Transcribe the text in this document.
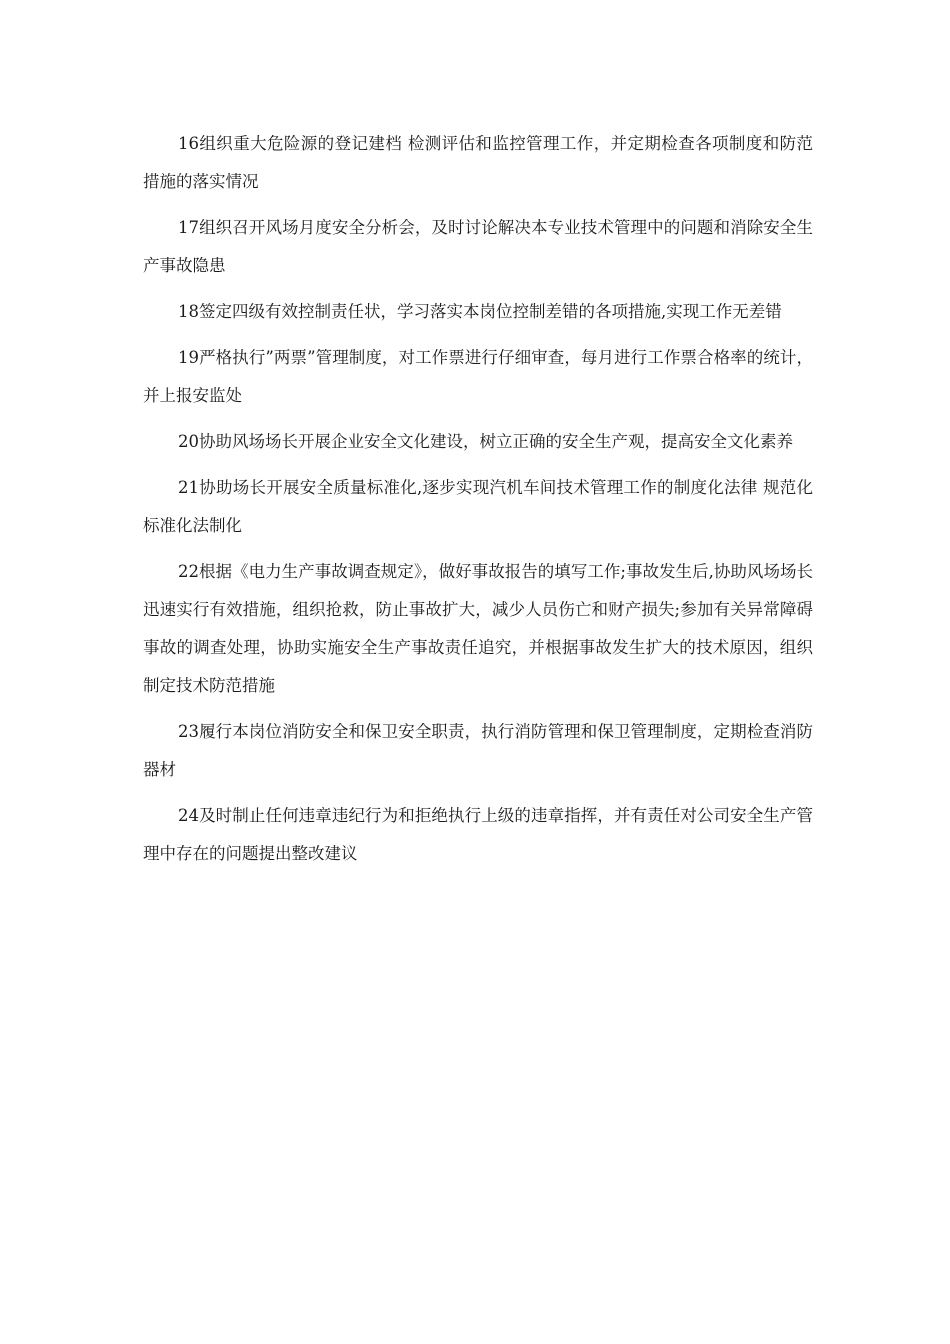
16组织重大危险源的登记建档 检测评估和监控管理工作，并定期检查各项制度和防范措施的落实情况

17组织召开风场月度安全分析会，及时讨论解决本专业技术管理中的问题和消除安全生产事故隐患

18签定四级有效控制责任状，学习落实本岗位控制差错的各项措施,实现工作无差错

19严格执行”两票”管理制度，对工作票进行仔细审查，每月进行工作票合格率的统计，并上报安监处

20协助风场场长开展企业安全文化建设，树立正确的安全生产观，提高安全文化素养

21协助场长开展安全质量标准化,逐步实现汽机车间技术管理工作的制度化法律 规范化标准化法制化

22根据《电力生产事故调查规定》，做好事故报告的填写工作;事故发生后,协助风场场长迅速实行有效措施，组织抢救，防止事故扩大，减少人员伤亡和财产损失;参加有关异常障碍事故的调查处理，协助实施安全生产事故责任追究，并根据事故发生扩大的技术原因，组织制定技术防范措施

23履行本岗位消防安全和保卫安全职责，执行消防管理和保卫管理制度，定期检查消防器材

24及时制止任何违章违纪行为和拒绝执行上级的违章指挥，并有责任对公司安全生产管理中存在的问题提出整改建议
